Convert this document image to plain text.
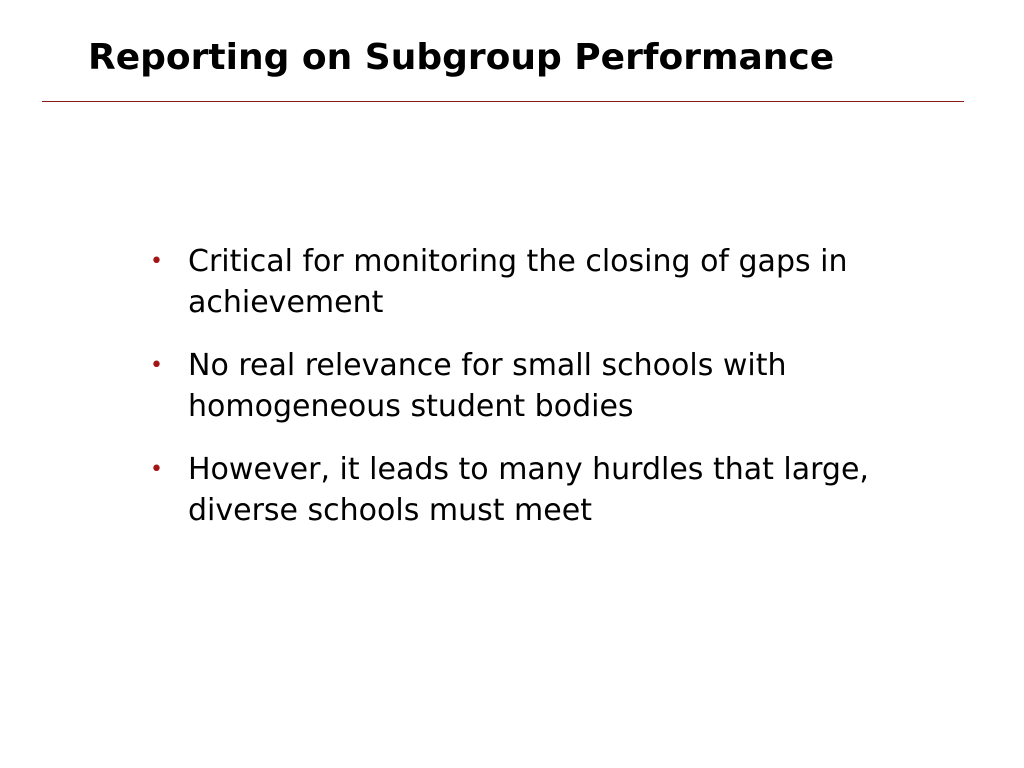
Reporting on Subgroup Performance
• Critical for monitoring the closing of gaps in achievement
• No real relevance for small schools with homogeneous student bodies
• However, it leads to many hurdles that large, diverse schools must meet
